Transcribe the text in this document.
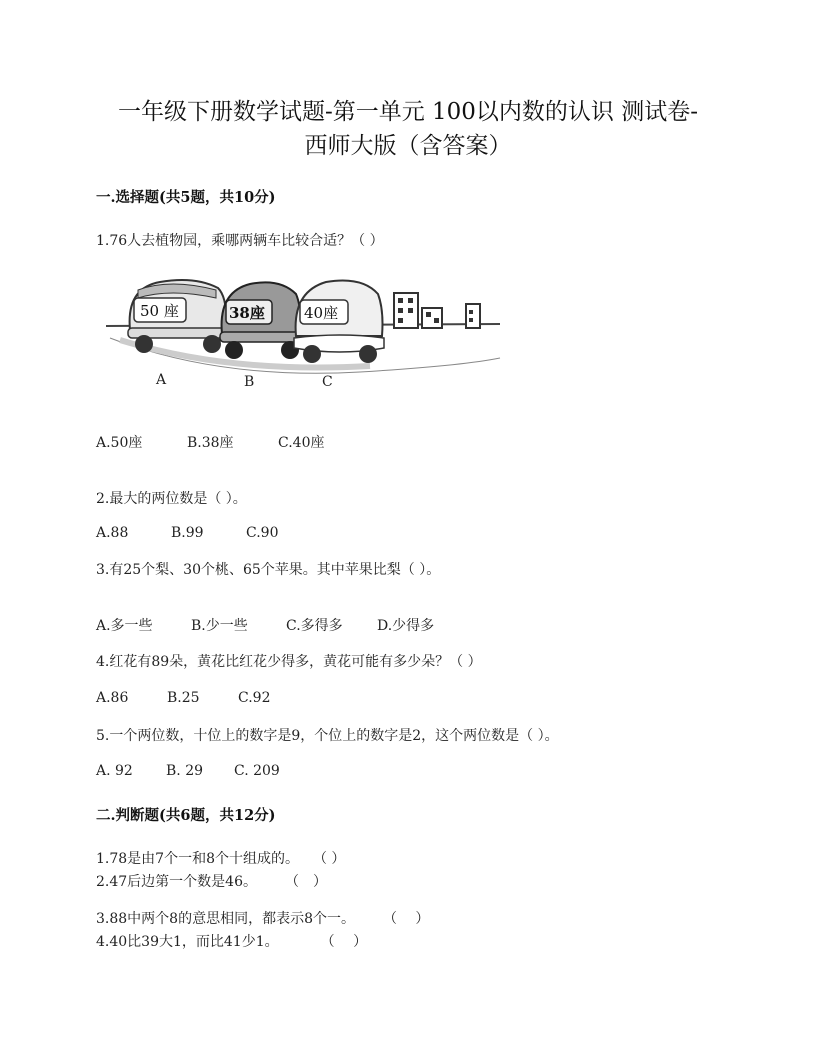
一年级下册数学试题-第一单元 100以内数的认识 测试卷-
西师大版（含答案）
一.选择题(共5题，共10分)
1.76人去植物园，乘哪两辆车比较合适？（ ）
50 座	38座	40座
A	B	C
A.50座	B.38座	C.40座
2.最大的两位数是（ ）。
A.88	B.99	C.90
3.有25个梨、30个桃、65个苹果。其中苹果比梨（ ）。
A.多一些	B.少一些	C.多得多 D.少得多
4.红花有89朵，黄花比红花少得多，黄花可能有多少朵？（ ）
A.86	B.25	C.92
5.一个两位数，十位上的数字是9，个位上的数字是2，这个两位数是（ ）。
A. 92 B. 29 C. 209
二.判断题(共6题，共12分)
1.78是由7个一和8个十组成的。　　（ ）
2.47后边第一个数是46。　　　（　）
3.88中两个8的意思相同，都表示8个一。　　　（　 ）
4.40比39大1，而比41少1。　　　　（　 ）
